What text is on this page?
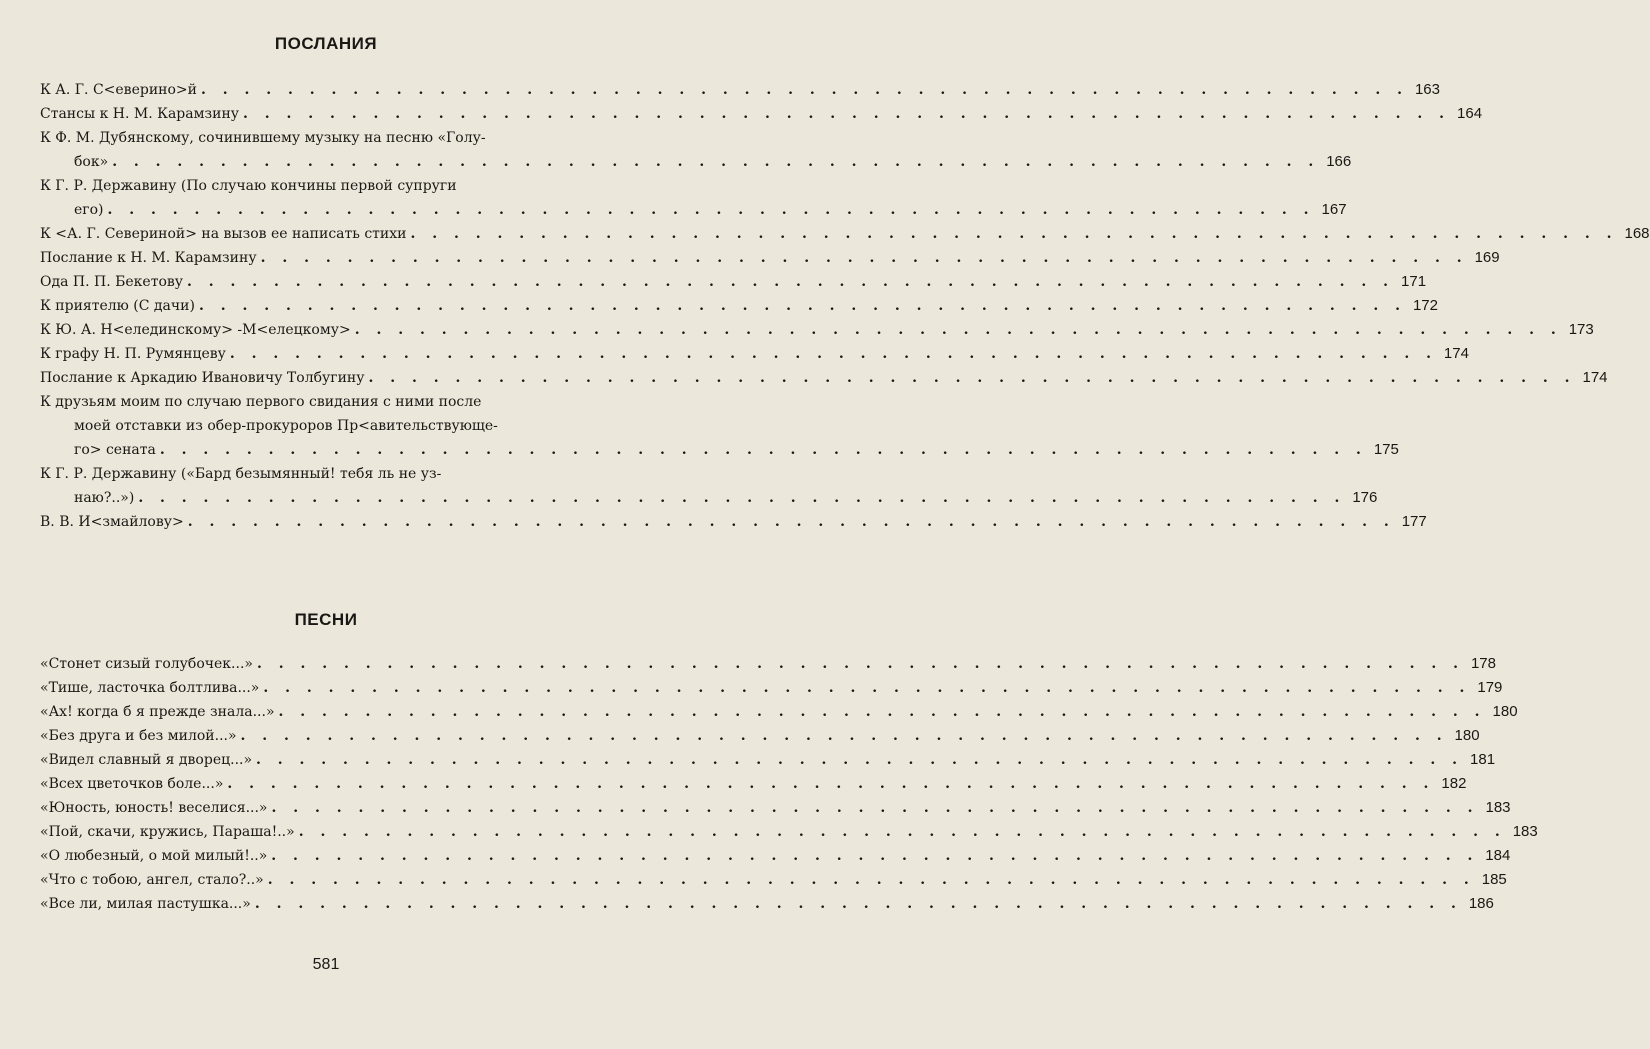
ПОСЛАНИЯ
К А. Г. С<еверино>й . . . . . . . . . . . . . . . . . . . . . . . . . . . . . . . . . . . . . . . . . . . . . . . . . . . . . . . . 163
Стансы к Н. М. Карамзину . . . . . . . . . . . . . . . . . . . . . . . . . . . . . . . . . . . . . . . . . . . . . . . . . . . . . . . . 164
К Ф. М. Дубянскому, сочинившему музыку на песню «Голу-
бок» . . . . . . . . . . . . . . . . . . . . . . . . . . . . . . . . . . . . . . . . . . . . . . . . . . . . . . . . 166
К Г. Р. Державину (По случаю кончины первой супруги
его) . . . . . . . . . . . . . . . . . . . . . . . . . . . . . . . . . . . . . . . . . . . . . . . . . . . . . . . . 167
К <А. Г. Севериной> на вызов ее написать стихи . . . . . . . . . . . . . . . . . . . . . . . . . . . . . . . . . . . . . . . . . . . . . . . . . . . . . . . . 168
Послание к Н. М. Карамзину . . . . . . . . . . . . . . . . . . . . . . . . . . . . . . . . . . . . . . . . . . . . . . . . . . . . . . . . 169
Ода П. П. Бекетову . . . . . . . . . . . . . . . . . . . . . . . . . . . . . . . . . . . . . . . . . . . . . . . . . . . . . . . . 171
К приятелю (С дачи) . . . . . . . . . . . . . . . . . . . . . . . . . . . . . . . . . . . . . . . . . . . . . . . . . . . . . . . . 172
К Ю. А. Н<елединскому> -М<елецкому> . . . . . . . . . . . . . . . . . . . . . . . . . . . . . . . . . . . . . . . . . . . . . . . . . . . . . . . . 173
К графу Н. П. Румянцеву . . . . . . . . . . . . . . . . . . . . . . . . . . . . . . . . . . . . . . . . . . . . . . . . . . . . . . . . 174
Послание к Аркадию Ивановичу Толбугину . . . . . . . . . . . . . . . . . . . . . . . . . . . . . . . . . . . . . . . . . . . . . . . . . . . . . . . . 174
К друзьям моим по случаю первого свидания с ними после
моей отставки из обер-прокуроров Пр<авительствующе-
го> сената . . . . . . . . . . . . . . . . . . . . . . . . . . . . . . . . . . . . . . . . . . . . . . . . . . . . . . . . 175
К Г. Р. Державину («Бард безымянный! тебя ль не уз-
наю?..») . . . . . . . . . . . . . . . . . . . . . . . . . . . . . . . . . . . . . . . . . . . . . . . . . . . . . . . . 176
В. В. И<змайлову> . . . . . . . . . . . . . . . . . . . . . . . . . . . . . . . . . . . . . . . . . . . . . . . . . . . . . . . . 177
ПЕСНИ
«Стонет сизый голубочек...» . . . . . . . . . . . . . . . . . . . . . . . . . . . . . . . . . . . . . . . . . . . . . . . . . . . . . . . . 178
«Тише, ласточка болтлива...» . . . . . . . . . . . . . . . . . . . . . . . . . . . . . . . . . . . . . . . . . . . . . . . . . . . . . . . . 179
«Ах! когда б я прежде знала...» . . . . . . . . . . . . . . . . . . . . . . . . . . . . . . . . . . . . . . . . . . . . . . . . . . . . . . . . 180
«Без друга и без милой...» . . . . . . . . . . . . . . . . . . . . . . . . . . . . . . . . . . . . . . . . . . . . . . . . . . . . . . . . 180
«Видел славный я дворец...» . . . . . . . . . . . . . . . . . . . . . . . . . . . . . . . . . . . . . . . . . . . . . . . . . . . . . . . . 181
«Всех цветочков боле...» . . . . . . . . . . . . . . . . . . . . . . . . . . . . . . . . . . . . . . . . . . . . . . . . . . . . . . . . 182
«Юность, юность! веселися...» . . . . . . . . . . . . . . . . . . . . . . . . . . . . . . . . . . . . . . . . . . . . . . . . . . . . . . . . 183
«Пой, скачи, кружись, Параша!..» . . . . . . . . . . . . . . . . . . . . . . . . . . . . . . . . . . . . . . . . . . . . . . . . . . . . . . . . 183
«О любезный, о мой милый!..» . . . . . . . . . . . . . . . . . . . . . . . . . . . . . . . . . . . . . . . . . . . . . . . . . . . . . . . . 184
«Что с тобою, ангел, стало?..» . . . . . . . . . . . . . . . . . . . . . . . . . . . . . . . . . . . . . . . . . . . . . . . . . . . . . . . . 185
«Все ли, милая пастушка...» . . . . . . . . . . . . . . . . . . . . . . . . . . . . . . . . . . . . . . . . . . . . . . . . . . . . . . . . 186
581
